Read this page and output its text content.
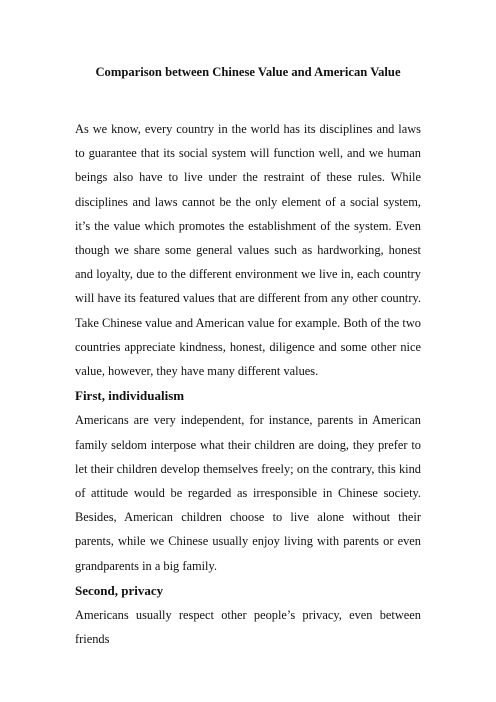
Comparison between Chinese Value and American Value

As we know, every country in the world has its disciplines and laws to guarantee that its social system will function well, and we human beings also have to live under the restraint of these rules. While disciplines and laws cannot be the only element of a social system, it’s the value which promotes the establishment of the system. Even though we share some general values such as hardworking, honest and loyalty, due to the different environment we live in, each country will have its featured values that are different from any other country. Take Chinese value and American value for example. Both of the two countries appreciate kindness, honest, diligence and some other nice value, however, they have many different values.

First, individualism

Americans are very independent, for instance, parents in American family seldom interpose what their children are doing, they prefer to let their children develop themselves freely; on the contrary, this kind of attitude would be regarded as irresponsible in Chinese society. Besides, American children choose to live alone without their parents, while we Chinese usually enjoy living with parents or even grandparents in a big family.

Second, privacy

Americans usually respect other people’s privacy, even between friends
